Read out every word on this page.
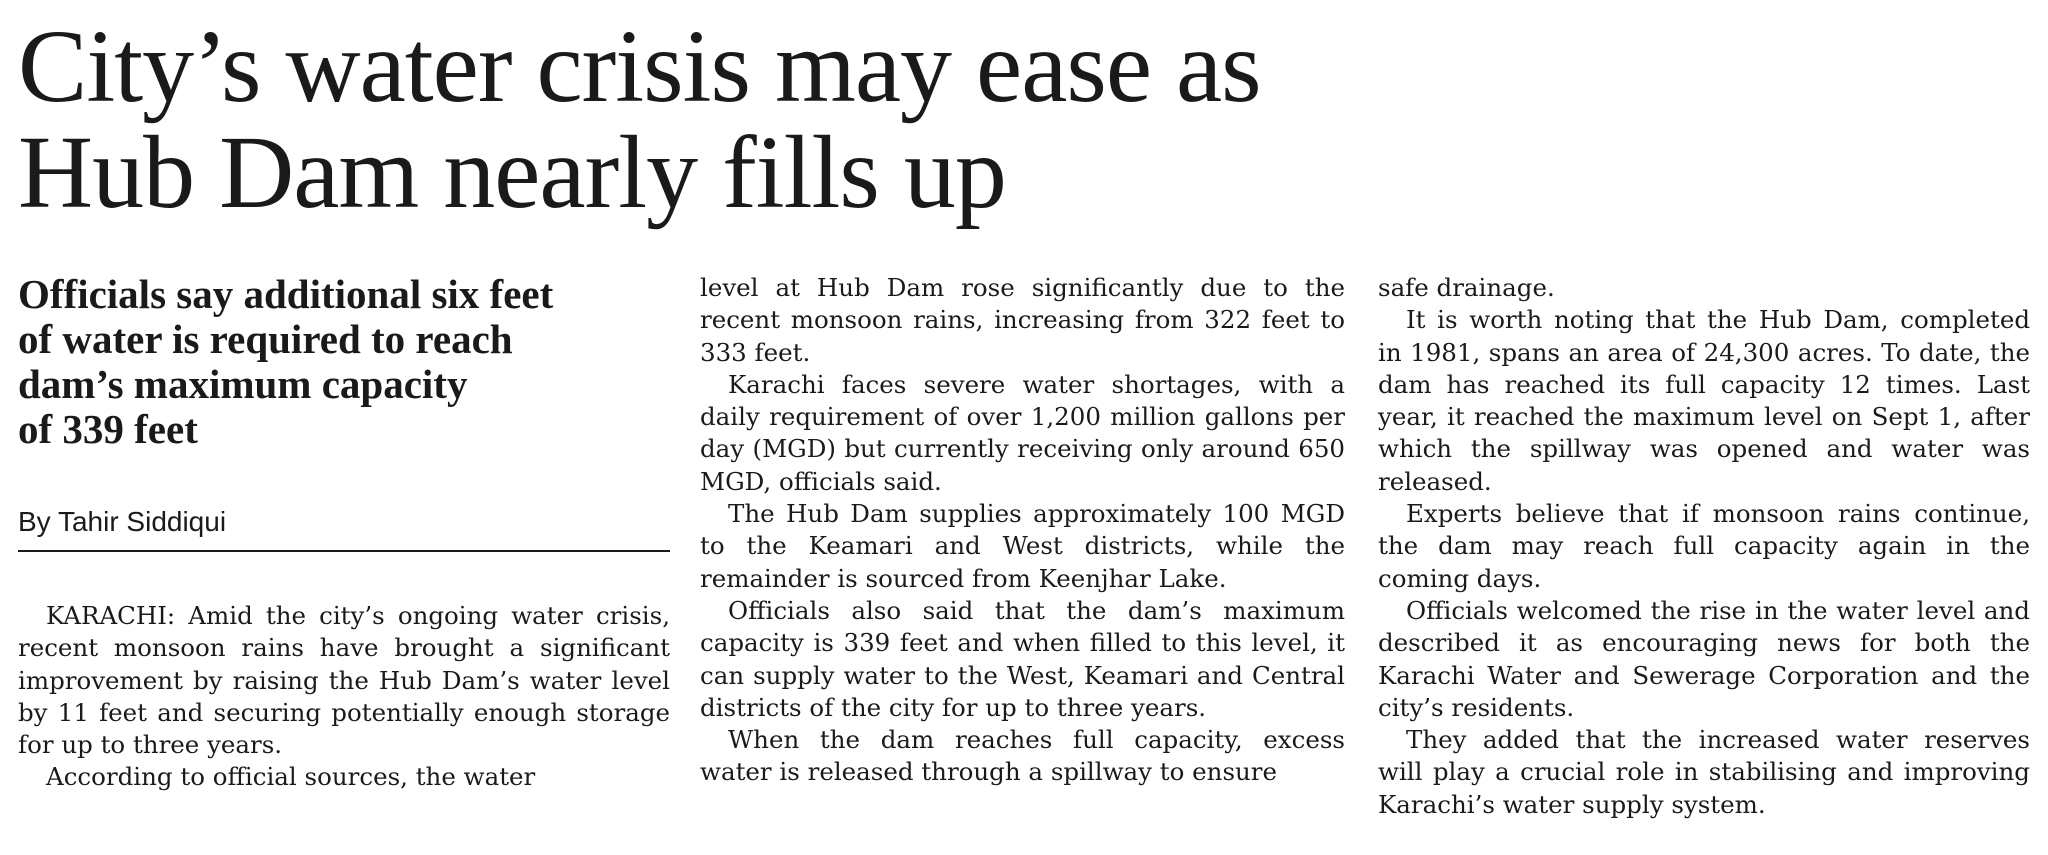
City’s water crisis may ease as
Hub Dam nearly fills up
Officials say additional six feet
of water is required to reach
dam’s maximum capacity
of 339 feet
By Tahir Siddiqui

KARACHI: Amid the city’s ongoing water crisis, recent monsoon rains have brought a significant improvement by raising the Hub Dam’s water level by 11 feet and securing potentially enough storage for up to three years.

According to official sources, the water

level at Hub Dam rose significantly due to the recent monsoon rains, increasing from 322 feet to 333 feet.

Karachi faces severe water shortages, with a daily requirement of over 1,200 million gallons per day (MGD) but currently receiving only around 650 MGD, officials said.

The Hub Dam supplies approximately 100 MGD to the Keamari and West districts, while the remainder is sourced from Keenjhar Lake.

Officials also said that the dam’s maximum capacity is 339 feet and when filled to this level, it can supply water to the West, Keamari and Central districts of the city for up to three years.

When the dam reaches full capacity, excess water is released through a spillway to ensure

safe drainage.

It is worth noting that the Hub Dam, completed in 1981, spans an area of 24,300 acres. To date, the dam has reached its full capacity 12 times. Last year, it reached the maximum level on Sept 1, after which the spillway was opened and water was released.

Experts believe that if monsoon rains continue, the dam may reach full capacity again in the coming days.

Officials welcomed the rise in the water level and described it as encouraging news for both the Karachi Water and Sewerage Corporation and the city’s residents.

They added that the increased water reserves will play a crucial role in stabilising and improving Karachi’s water supply system.
